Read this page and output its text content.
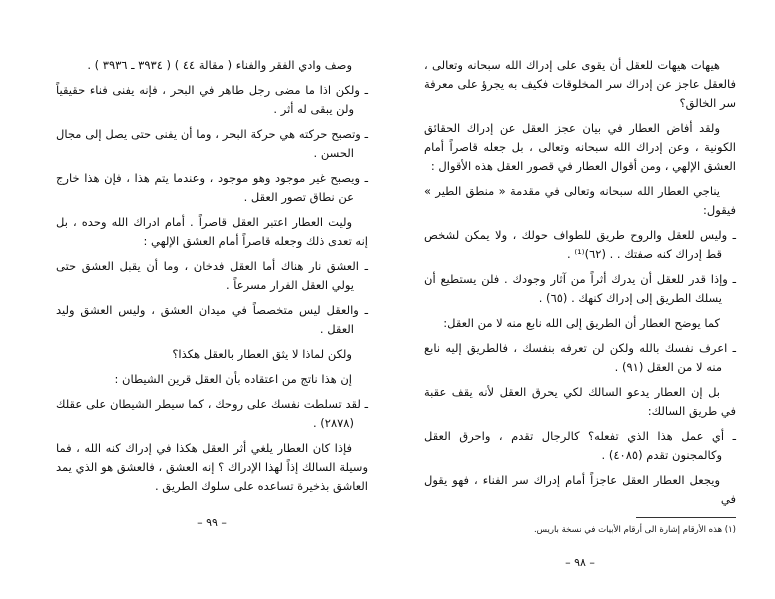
هيهات هيهات للعقل أن يقوى على إدراك الله سبحانه وتعالى ، فالعقل عاجز عن إدراك سر المخلوقات فكيف به يجرؤ على معرفة سر الخالق؟

ولقد أفاض العطار في بيان عجز العقل عن إدراك الحقائق الكونية ، وعن إدراك الله سبحانه وتعالى ، بل جعله قاصراً أمام العشق الإلهي ، ومن أقوال العطار في قصور العقل هذه الأقوال :

يناجي العطار الله سبحانه وتعالى في مقدمة « منطق الطير » فيقول:

ـ وليس للعقل والروح طريق للطواف حولك ، ولا يمكن لشخص قط إدراك كنه صفتك . . (٦٢)⁽¹⁾ .

ـ وإذا قدر للعقل أن يدرك أثراً من آثار وجودك . فلن يستطيع أن يسلك الطريق إلى إدراك كنهك . (٦٥) .

كما يوضح العطار أن الطريق إلى الله نابع منه لا من العقل:

ـ اعرف نفسك بالله ولكن لن تعرفه بنفسك ، فالطريق إليه نابع منه لا من العقل (٩١) .

بل إن العطار يدعو السالك لكي يحرق العقل لأنه يقف عقبة في طريق السالك:

ـ أي عمل هذا الذي تفعله؟ كالرجال تقدم ، واحرق العقل وكالمجنون تقدم (٤٠٨٥) .

ويجعل العطار العقل عاجزاً أمام إدراك سر الفناء ، فهو يقول في

(١) هذه الأرقام إشارة الى أرقام الأبيات في نسخة باريس.

– ٩٨ –

وصف وادي الفقر والفناء ( مقالة ٤٤ ) ( ٣٩٣٤ ـ ٣٩٣٦ ) .

ـ ولكن اذا ما مضى رجل طاهر في البحر ، فإنه يفنى فناء حقيقياً ولن يبقى له أثر .

ـ وتصبح حركته هي حركة البحر ، وما أن يفنى حتى يصل إلى مجال الحسن .

ـ ويصبح غير موجود وهو موجود ، وعندما يتم هذا ، فإن هذا خارج عن نطاق تصور العقل .

وليت العطار اعتبر العقل قاصراً . أمام ادراك الله وحده ، بل إنه تعدى ذلك وجعله قاصراً أمام العشق الإلهي :

ـ العشق نار هناك أما العقل فدخان ، وما أن يقبل العشق حتى يولي العقل الفرار مسرعاً .

ـ والعقل ليس متخصصاً في ميدان العشق ، وليس العشق وليد العقل .

ولكن لماذا لا يثق العطار بالعقل هكذا؟

إن هذا ناتج من اعتقاده بأن العقل قرين الشيطان :

ـ لقد تسلطت نفسك على روحك ، كما سيطر الشيطان على عقلك (٢٨٧٨) .

فإذا كان العطار يلغي أثر العقل هكذا في إدراك كنه الله ، فما وسيلة السالك إذاً لهذا الإدراك ؟ إنه العشق ، فالعشق هو الذي يمد العاشق بذخيرة تساعده على سلوك الطريق .

– ٩٩ –
